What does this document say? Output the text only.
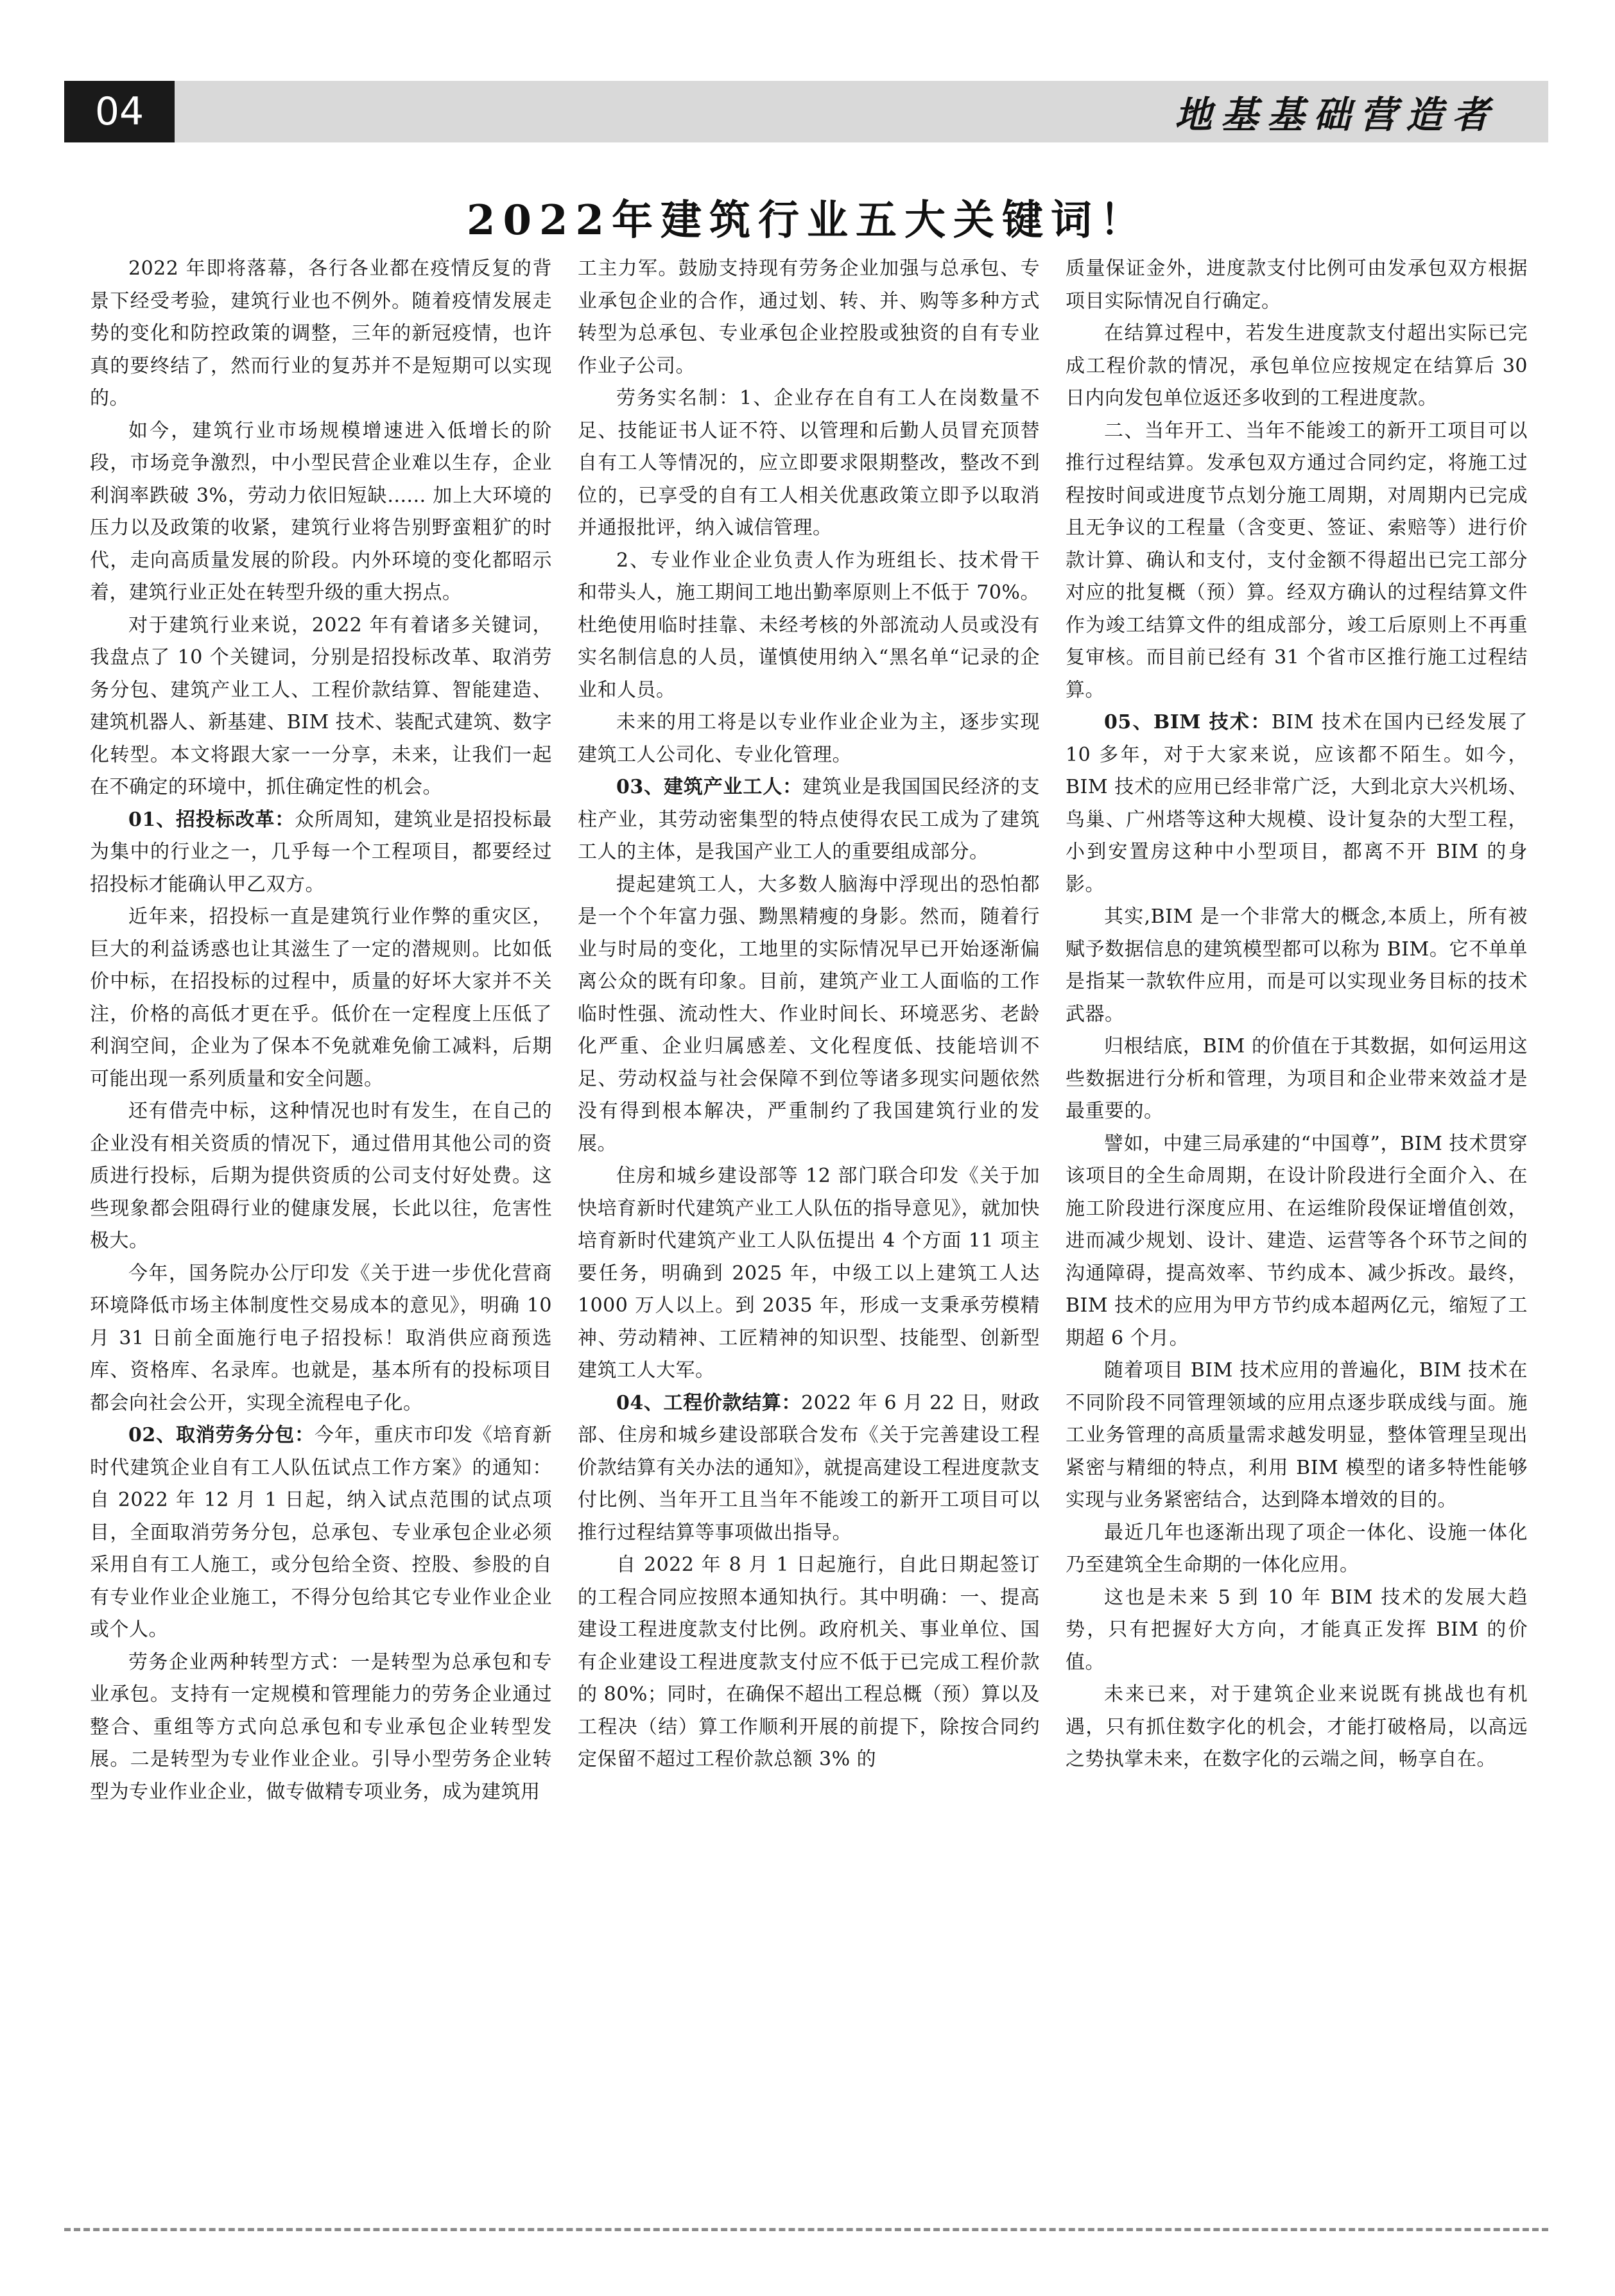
04	地基基础营造者
2022年建筑行业五大关键词！

2022 年即将落幕，各行各业都在疫情反复的背景下经受考验，建筑行业也不例外。随着疫情发展走势的变化和防控政策的调整，三年的新冠疫情，也许真的要终结了，然而行业的复苏并不是短期可以实现的。

如今，建筑行业市场规模增速进入低增长的阶段，市场竞争激烈，中小型民营企业难以生存，企业利润率跌破 3%，劳动力依旧短缺...... 加上大环境的压力以及政策的收紧，建筑行业将告别野蛮粗犷的时代，走向高质量发展的阶段。内外环境的变化都昭示着，建筑行业正处在转型升级的重大拐点。

对于建筑行业来说，2022 年有着诸多关键词，我盘点了 10 个关键词，分别是招投标改革、取消劳务分包、建筑产业工人、工程价款结算、智能建造、建筑机器人、新基建、BIM 技术、装配式建筑、数字化转型。本文将跟大家一一分享，未来，让我们一起在不确定的环境中，抓住确定性的机会。

01、招投标改革：众所周知，建筑业是招投标最为集中的行业之一，几乎每一个工程项目，都要经过招投标才能确认甲乙双方。

近年来，招投标一直是建筑行业作弊的重灾区，巨大的利益诱惑也让其滋生了一定的潜规则。比如低价中标，在招投标的过程中，质量的好坏大家并不关注，价格的高低才更在乎。低价在一定程度上压低了利润空间，企业为了保本不免就难免偷工减料，后期可能出现一系列质量和安全问题。

还有借壳中标，这种情况也时有发生，在自己的企业没有相关资质的情况下，通过借用其他公司的资质进行投标，后期为提供资质的公司支付好处费。这些现象都会阻碍行业的健康发展，长此以往，危害性极大。

今年，国务院办公厅印发《关于进一步优化营商环境降低市场主体制度性交易成本的意见》，明确 10 月 31 日前全面施行电子招投标！取消供应商预选库、资格库、名录库。也就是，基本所有的投标项目都会向社会公开，实现全流程电子化。

02、取消劳务分包：今年，重庆市印发《培育新时代建筑企业自有工人队伍试点工作方案》的通知：自 2022 年 12 月 1 日起，纳入试点范围的试点项目，全面取消劳务分包，总承包、专业承包企业必须采用自有工人施工，或分包给全资、控股、参股的自有专业作业企业施工，不得分包给其它专业作业企业或个人。

劳务企业两种转型方式：一是转型为总承包和专业承包。支持有一定规模和管理能力的劳务企业通过整合、重组等方式向总承包和专业承包企业转型发展。二是转型为专业作业企业。引导小型劳务企业转型为专业作业企业，做专做精专项业务，成为建筑用

工主力军。鼓励支持现有劳务企业加强与总承包、专业承包企业的合作，通过划、转、并、购等多种方式转型为总承包、专业承包企业控股或独资的自有专业作业子公司。

劳务实名制：1、企业存在自有工人在岗数量不足、技能证书人证不符、以管理和后勤人员冒充顶替自有工人等情况的，应立即要求限期整改，整改不到位的，已享受的自有工人相关优惠政策立即予以取消并通报批评，纳入诚信管理。

2、专业作业企业负责人作为班组长、技术骨干和带头人，施工期间工地出勤率原则上不低于 70%。杜绝使用临时挂靠、未经考核的外部流动人员或没有实名制信息的人员，谨慎使用纳入“黑名单“记录的企业和人员。

未来的用工将是以专业作业企业为主，逐步实现建筑工人公司化、专业化管理。

03、建筑产业工人：建筑业是我国国民经济的支柱产业，其劳动密集型的特点使得农民工成为了建筑工人的主体，是我国产业工人的重要组成部分。

提起建筑工人，大多数人脑海中浮现出的恐怕都是一个个年富力强、黝黑精瘦的身影。然而，随着行业与时局的变化，工地里的实际情况早已开始逐渐偏离公众的既有印象。目前，建筑产业工人面临的工作临时性强、流动性大、作业时间长、环境恶劣、老龄化严重、企业归属感差、文化程度低、技能培训不足、劳动权益与社会保障不到位等诸多现实问题依然没有得到根本解决，严重制约了我国建筑行业的发展。

住房和城乡建设部等 12 部门联合印发《关于加快培育新时代建筑产业工人队伍的指导意见》，就加快培育新时代建筑产业工人队伍提出 4 个方面 11 项主要任务，明确到 2025 年，中级工以上建筑工人达 1000 万人以上。到 2035 年，形成一支秉承劳模精神、劳动精神、工匠精神的知识型、技能型、创新型建筑工人大军。

04、工程价款结算：2022 年 6 月 22 日，财政部、住房和城乡建设部联合发布《关于完善建设工程价款结算有关办法的通知》，就提高建设工程进度款支付比例、当年开工且当年不能竣工的新开工项目可以推行过程结算等事项做出指导。

自 2022 年 8 月 1 日起施行，自此日期起签订的工程合同应按照本通知执行。其中明确：一、提高建设工程进度款支付比例。政府机关、事业单位、国有企业建设工程进度款支付应不低于已完成工程价款的 80%；同时，在确保不超出工程总概（预）算以及工程决（结）算工作顺利开展的前提下，除按合同约定保留不超过工程价款总额 3% 的

质量保证金外，进度款支付比例可由发承包双方根据项目实际情况自行确定。

在结算过程中，若发生进度款支付超出实际已完成工程价款的情况，承包单位应按规定在结算后 30 日内向发包单位返还多收到的工程进度款。

二、当年开工、当年不能竣工的新开工项目可以推行过程结算。发承包双方通过合同约定，将施工过程按时间或进度节点划分施工周期，对周期内已完成且无争议的工程量（含变更、签证、索赔等）进行价款计算、确认和支付，支付金额不得超出已完工部分对应的批复概（预）算。经双方确认的过程结算文件作为竣工结算文件的组成部分，竣工后原则上不再重复审核。而目前已经有 31 个省市区推行施工过程结算。

05、BIM 技术：BIM 技术在国内已经发展了 10 多年，对于大家来说，应该都不陌生。如今，BIM 技术的应用已经非常广泛，大到北京大兴机场、鸟巢、广州塔等这种大规模、设计复杂的大型工程，小到安置房这种中小型项目，都离不开 BIM 的身影。

其实,BIM 是一个非常大的概念,本质上，所有被赋予数据信息的建筑模型都可以称为 BIM。它不单单是指某一款软件应用，而是可以实现业务目标的技术武器。

归根结底，BIM 的价值在于其数据，如何运用这些数据进行分析和管理，为项目和企业带来效益才是最重要的。

譬如，中建三局承建的“中国尊”，BIM 技术贯穿该项目的全生命周期，在设计阶段进行全面介入、在施工阶段进行深度应用、在运维阶段保证增值创效，进而减少规划、设计、建造、运营等各个环节之间的沟通障碍，提高效率、节约成本、减少拆改。最终，BIM 技术的应用为甲方节约成本超两亿元，缩短了工期超 6 个月。

随着项目 BIM 技术应用的普遍化，BIM 技术在不同阶段不同管理领域的应用点逐步联成线与面。施工业务管理的高质量需求越发明显，整体管理呈现出紧密与精细的特点，利用 BIM 模型的诸多特性能够实现与业务紧密结合，达到降本增效的目的。

最近几年也逐渐出现了项企一体化、设施一体化乃至建筑全生命期的一体化应用。

这也是未来 5 到 10 年 BIM 技术的发展大趋势，只有把握好大方向，才能真正发挥 BIM 的价值。

未来已来，对于建筑企业来说既有挑战也有机遇，只有抓住数字化的机会，才能打破格局，以高远之势执掌未来，在数字化的云端之间，畅享自在。
